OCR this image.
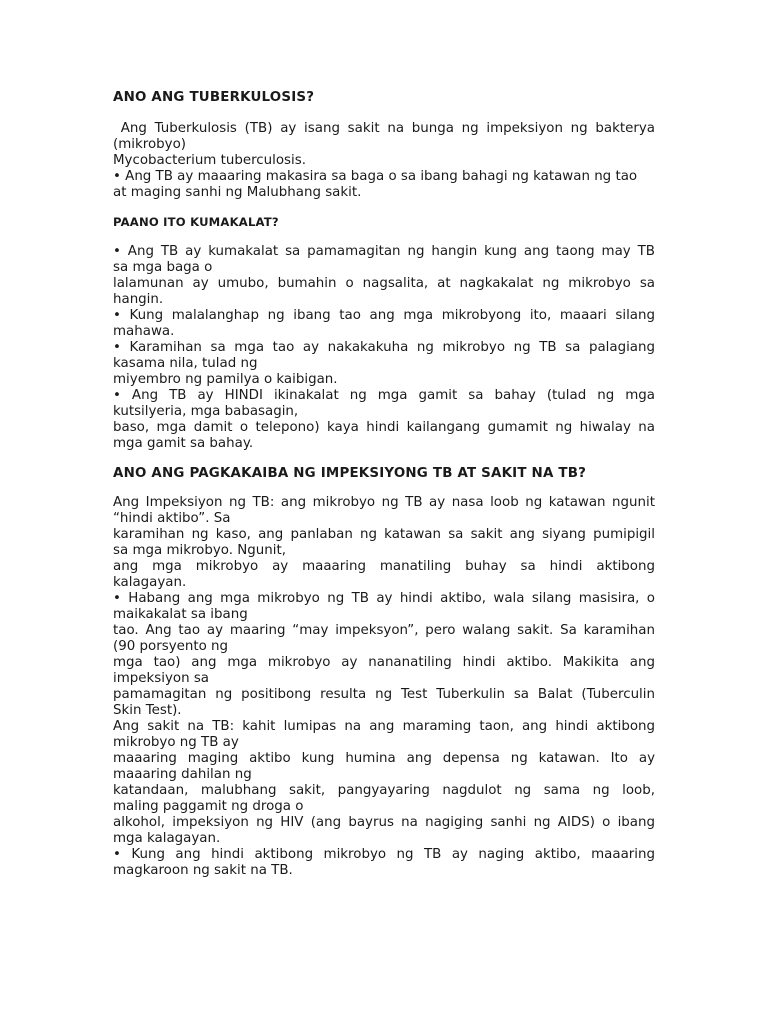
ANO ANG TUBERKULOSIS?

Ang Tuberkulosis (TB) ay isang sakit na bunga ng impeksiyon ng bakterya
(mikrobyo)
Mycobacterium tuberculosis.
• Ang TB ay maaaring makasira sa baga o sa ibang bahagi ng katawan ng tao
at maging sanhi ng Malubhang sakit.

PAANO ITO KUMAKALAT?

• Ang TB ay kumakalat sa pamamagitan ng hangin kung ang taong may TB
sa mga baga o
lalamunan ay umubo, bumahin o nagsalita, at nagkakalat ng mikrobyo sa
hangin.
• Kung malalanghap ng ibang tao ang mga mikrobyong ito, maaari silang
mahawa.
• Karamihan sa mga tao ay nakakakuha ng mikrobyo ng TB sa palagiang
kasama nila, tulad ng
miyembro ng pamilya o kaibigan.
• Ang TB ay HINDI ikinakalat ng mga gamit sa bahay (tulad ng mga
kutsilyeria, mga babasagin,
baso, mga damit o telepono) kaya hindi kailangang gumamit ng hiwalay na
mga gamit sa bahay.

ANO ANG PAGKAKAIBA NG IMPEKSIYONG TB AT SAKIT NA TB?

Ang Impeksiyon ng TB: ang mikrobyo ng TB ay nasa loob ng katawan ngunit
“hindi aktibo”. Sa
karamihan ng kaso, ang panlaban ng katawan sa sakit ang siyang pumipigil
sa mga mikrobyo. Ngunit,
ang mga mikrobyo ay maaaring manatiling buhay sa hindi aktibong
kalagayan.
• Habang ang mga mikrobyo ng TB ay hindi aktibo, wala silang masisira, o
maikakalat sa ibang
tao. Ang tao ay maaring “may impeksyon”, pero walang sakit. Sa karamihan
(90 porsyento ng
mga tao) ang mga mikrobyo ay nananatiling hindi aktibo. Makikita ang
impeksiyon sa
pamamagitan ng positibong resulta ng Test Tuberkulin sa Balat (Tuberculin
Skin Test).
Ang sakit na TB: kahit lumipas na ang maraming taon, ang hindi aktibong
mikrobyo ng TB ay
maaaring maging aktibo kung humina ang depensa ng katawan. Ito ay
maaaring dahilan ng
katandaan, malubhang sakit, pangyayaring nagdulot ng sama ng loob,
maling paggamit ng droga o
alkohol, impeksiyon ng HIV (ang bayrus na nagiging sanhi ng AIDS) o ibang
mga kalagayan.
• Kung ang hindi aktibong mikrobyo ng TB ay naging aktibo, maaaring
magkaroon ng sakit na TB.
